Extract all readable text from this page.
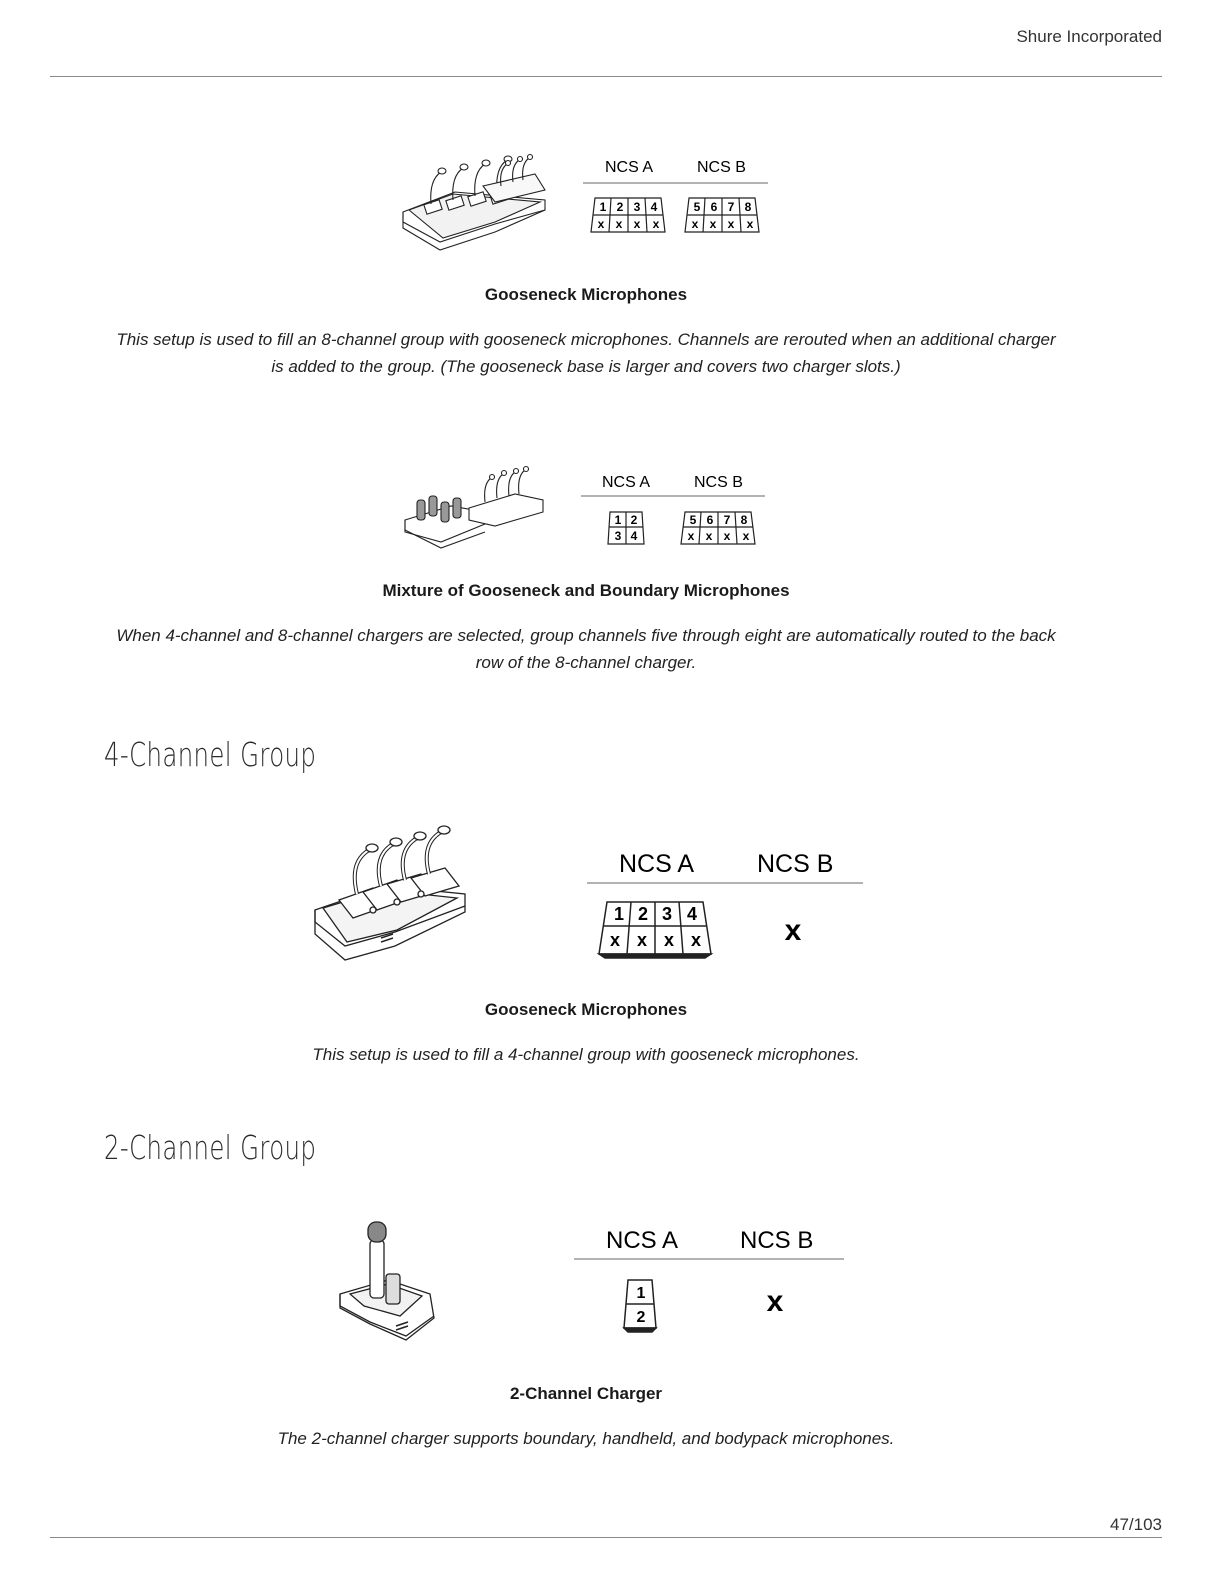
Shure Incorporated
NCS A	NCS B
1 2 3 4
x x x x
5 6 7 8
x x x x
Gooseneck Microphones
This setup is used to fill an 8-channel group with gooseneck microphones. Channels are rerouted when an additional charger is added to the group. (The gooseneck base is larger and covers two charger slots.)
NCS A	NCS B
1 2
3 4
5 6 7 8
x x x x
Mixture of Gooseneck and Boundary Microphones
When 4-channel and 8-channel chargers are selected, group channels five through eight are automatically routed to the back row of the 8-channel charger.
4-Channel Group
NCS A	NCS B
1 2 3 4
x x x x	x
Gooseneck Microphones
This setup is used to fill a 4-channel group with gooseneck microphones.
2-Channel Group
NCS A	NCS B
1
2	x
2-Channel Charger
The 2-channel charger supports boundary, handheld, and bodypack microphones.
47/103
